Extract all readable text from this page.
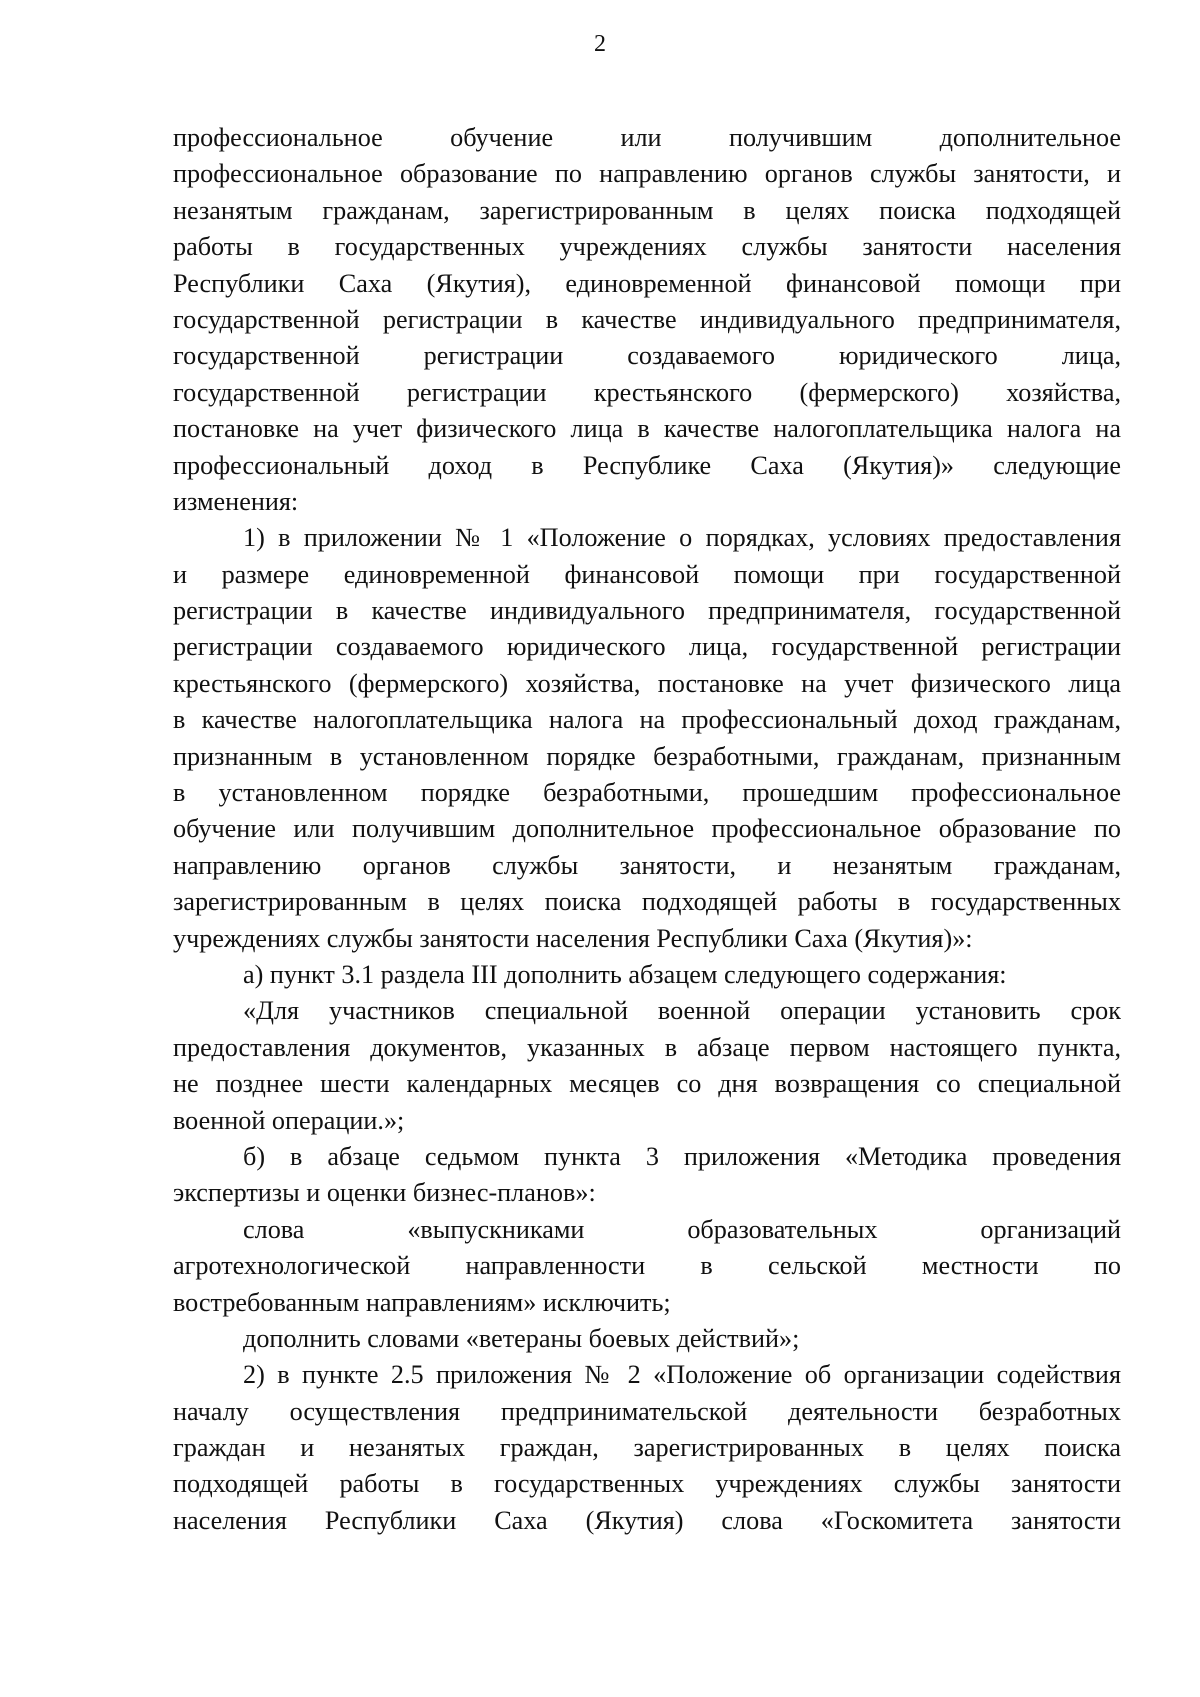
2
профессиональное обучение или получившим дополнительное
профессиональное образование по направлению органов службы занятости, и
незанятым гражданам, зарегистрированным в целях поиска подходящей
работы в государственных учреждениях службы занятости населения
Республики Саха (Якутия), единовременной финансовой помощи при
государственной регистрации в качестве индивидуального предпринимателя,
государственной регистрации создаваемого юридического лица,
государственной регистрации крестьянского (фермерского) хозяйства,
постановке на учет физического лица в качестве налогоплательщика налога на
профессиональный доход в Республике Саха (Якутия)» следующие
изменения:
1) в приложении № 1 «Положение о порядках, условиях предоставления
и размере единовременной финансовой помощи при государственной
регистрации в качестве индивидуального предпринимателя, государственной
регистрации создаваемого юридического лица, государственной регистрации
крестьянского (фермерского) хозяйства, постановке на учет физического лица
в качестве налогоплательщика налога на профессиональный доход гражданам,
признанным в установленном порядке безработными, гражданам, признанным
в установленном порядке безработными, прошедшим профессиональное
обучение или получившим дополнительное профессиональное образование по
направлению органов службы занятости, и незанятым гражданам,
зарегистрированным в целях поиска подходящей работы в государственных
учреждениях службы занятости населения Республики Саха (Якутия)»:
а) пункт 3.1 раздела III дополнить абзацем следующего содержания:
«Для участников специальной военной операции установить срок
предоставления документов, указанных в абзаце первом настоящего пункта,
не позднее шести календарных месяцев со дня возвращения со специальной
военной операции.»;
б) в абзаце седьмом пункта 3 приложения «Методика проведения
экспертизы и оценки бизнес-планов»:
слова «выпускниками образовательных организаций
агротехнологической направленности в сельской местности по
востребованным направлениям» исключить;
дополнить словами «ветераны боевых действий»;
2) в пункте 2.5 приложения № 2 «Положение об организации содействия
началу осуществления предпринимательской деятельности безработных
граждан и незанятых граждан, зарегистрированных в целях поиска
подходящей работы в государственных учреждениях службы занятости
населения Республики Саха (Якутия) слова «Госкомитета занятости
